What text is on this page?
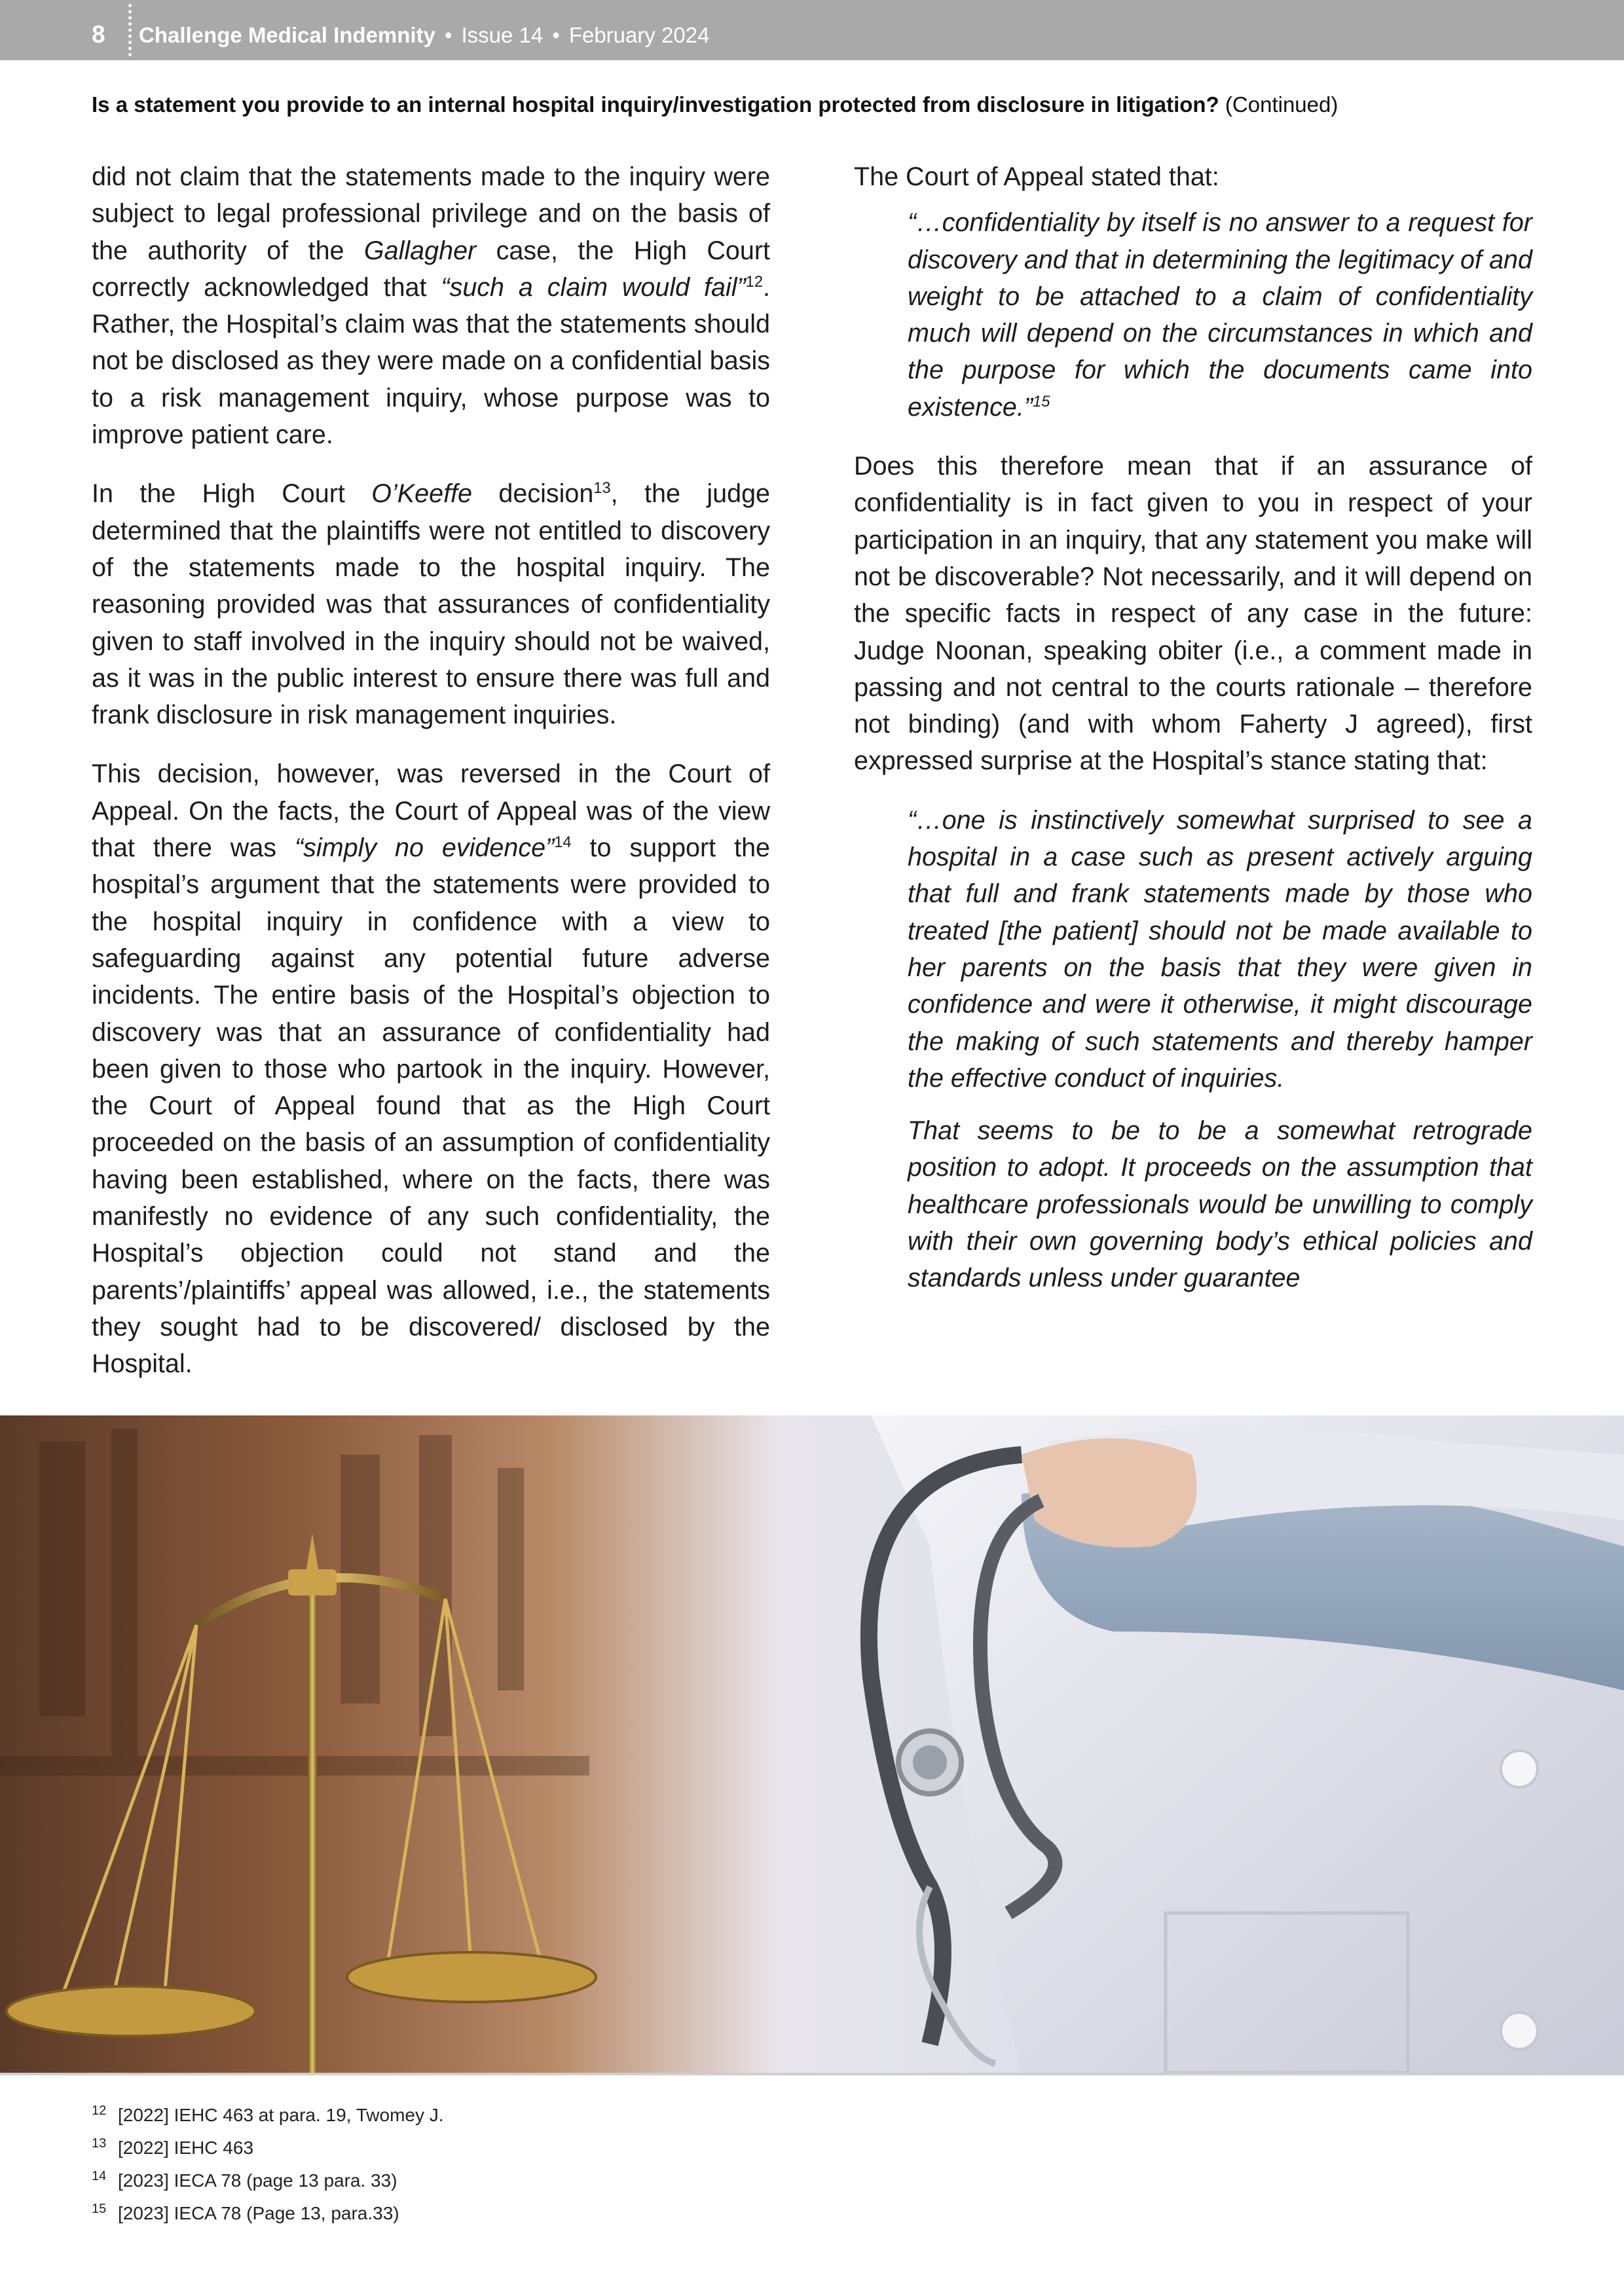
8 Challenge Medical Indemnity • Issue 14 • February 2024
Is a statement you provide to an internal hospital inquiry/investigation protected from disclosure in litigation? (Continued)

did not claim that the statements made to the inquiry were subject to legal professional privilege and on the basis of the authority of the Gallagher case, the High Court correctly acknowledged that “such a claim would fail”$^{12}$. Rather, the Hospital’s claim was that the statements should not be disclosed as they were made on a confidential basis to a risk management inquiry, whose purpose was to improve patient care.

In the High Court O’Keeffe decision$^{13}$, the judge determined that the plaintiffs were not entitled to discovery of the statements made to the hospital inquiry. The reasoning provided was that assurances of confidentiality given to staff involved in the inquiry should not be waived, as it was in the public interest to ensure there was full and frank disclosure in risk management inquiries.

This decision, however, was reversed in the Court of Appeal. On the facts, the Court of Appeal was of the view that there was “simply no evidence”$^{14}$ to support the hospital’s argument that the statements were provided to the hospital inquiry in confidence with a view to safeguarding against any potential future adverse incidents. The entire basis of the Hospital’s objection to discovery was that an assurance of confidentiality had been given to those who partook in the inquiry. However, the Court of Appeal found that as the High Court proceeded on the basis of an assumption of confidentiality having been established, where on the facts, there was manifestly no evidence of any such confidentiality, the Hospital’s objection could not stand and the parents’/plaintiffs’ appeal was allowed, i.e., the statements they sought had to be discovered/ disclosed by the Hospital.

The Court of Appeal stated that:

“…confidentiality by itself is no answer to a request for discovery and that in determining the legitimacy of and weight to be attached to a claim of confidentiality much will depend on the circumstances in which and the purpose for which the documents came into existence.”$^{15}$

Does this therefore mean that if an assurance of confidentiality is in fact given to you in respect of your participation in an inquiry, that any statement you make will not be discoverable? Not necessarily, and it will depend on the specific facts in respect of any case in the future: Judge Noonan, speaking obiter (i.e., a comment made in passing and not central to the courts rationale – therefore not binding) (and with whom Faherty J agreed), first expressed surprise at the Hospital’s stance stating that:

“…one is instinctively somewhat surprised to see a hospital in a case such as present actively arguing that full and frank statements made by those who treated [the patient] should not be made available to her parents on the basis that they were given in confidence and were it otherwise, it might discourage the making of such statements and thereby hamper the effective conduct of inquiries.

That seems to be to be a somewhat retrograde position to adopt. It proceeds on the assumption that healthcare professionals would be unwilling to comply with their own governing body’s ethical policies and standards unless under guarantee

12 [2022] IEHC 463 at para. 19, Twomey J.
13 [2022] IEHC 463
14 [2023] IECA 78 (page 13 para. 33)
15 [2023] IECA 78 (Page 13, para.33)
